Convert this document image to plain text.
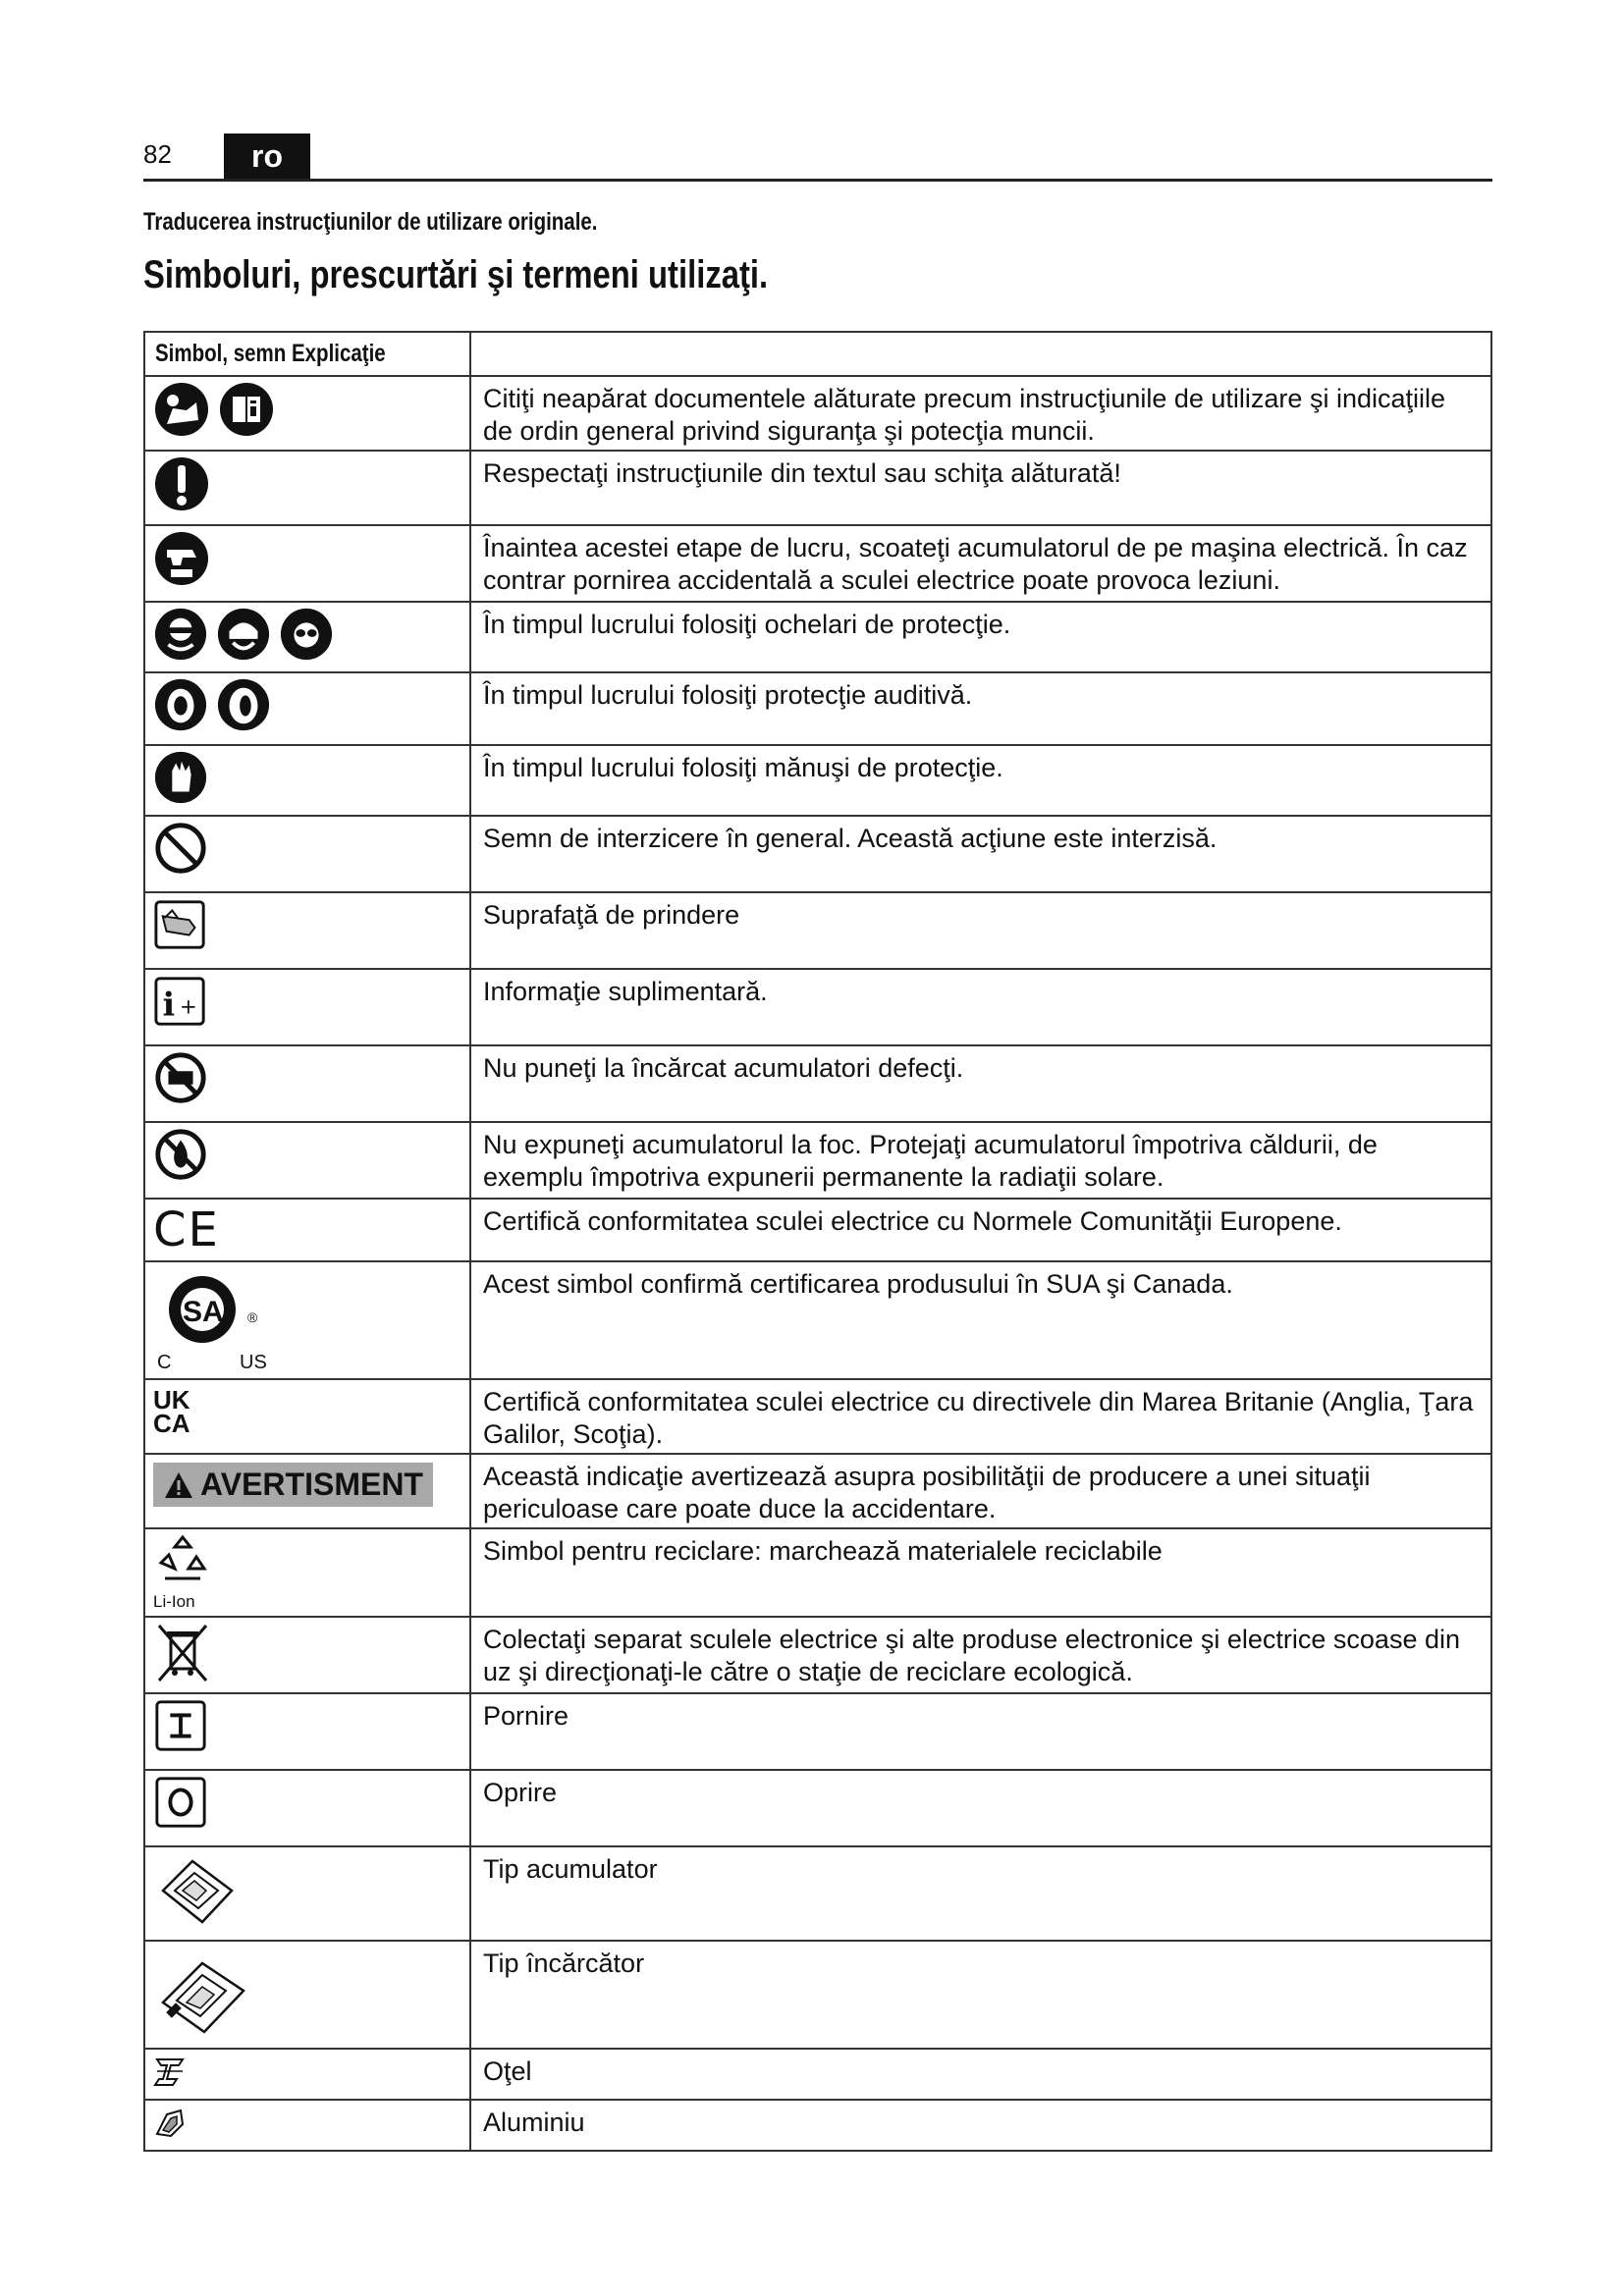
82	ro
Traducerea instrucţiunilor de utilizare originale.
Simboluri, prescurtări şi termeni utilizaţi.
Simbol, semn Explicaţie	

	Citiţi neapărat documentele alăturate precum instrucţiunile de utilizare şi indicaţiile de ordin general privind siguranţa şi potecţia muncii.
	Respectaţi instrucţiunile din textul sau schiţa alăturată!
	Înaintea acestei etape de lucru, scoateţi acumulatorul de pe maşina electrică. În caz contrar pornirea accidentală a sculei electrice poate provoca leziuni.

	În timpul lucrului folosiţi ochelari de protecţie.

	În timpul lucrului folosiţi protecţie auditivă.
	În timpul lucrului folosiţi mănuşi de protecţie.
	Semn de interzicere în general. Această acţiune este interzisă.
	Suprafaţă de prindere

i +	Informaţie suplimentară.
	Nu puneţi la încărcat acumulatori defecţi.
	Nu expuneţi acumulatorul la foc. Protejaţi acumulatorul împotriva căldurii, de exemplu împotriva expunerii permanente la radiaţii solare.
CE	Certifică conformitatea sculei electrice cu Normele Comunităţii Europene.

SA ®
C US	Acest simbol confirmă certificarea produsului în SUA şi Canada.

UK
CA	Certifică conformitatea sculei electrice cu directivele din Marea Britanie (Anglia, Ţara Galilor, Scoţia).

AVERTISMENT	Această indicaţie avertizează asupra posibilităţii de producere a unei situaţii periculoase care poate duce la accidentare.

Li-Ion	Simbol pentru reciclare: marchează materialele reciclabile
	Colectaţi separat sculele electrice şi alte produse electronice şi electrice scoase din uz şi direcţionaţi-le către o staţie de reciclare ecologică.
	Pornire
	Oprire
	Tip acumulator
	Tip încărcător
	Oţel
	Aluminiu
